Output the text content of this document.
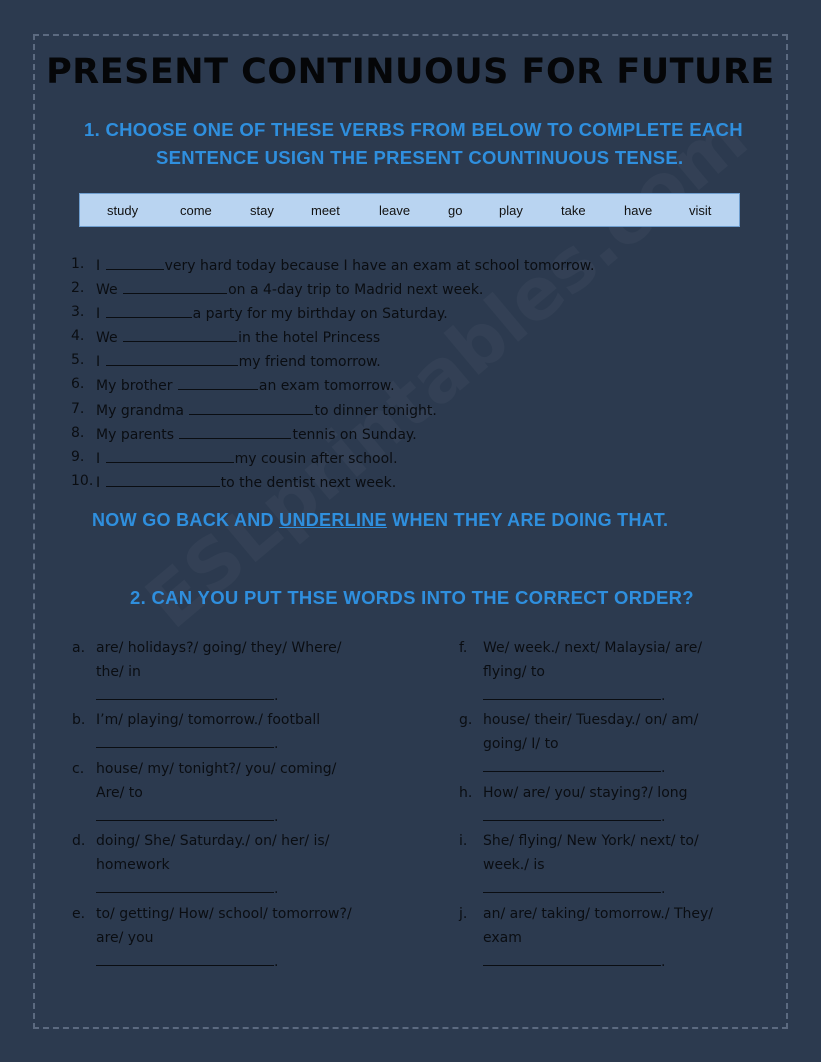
PRESENT CONTINUOUS FOR FUTURE
1. CHOOSE ONE OF THESE VERBS FROM BELOW TO COMPLETE EACH
SENTENCE USIGN THE PRESENT COUNTINUOUS TENSE.
study	come	stay	meet	leave	go	play	take	have	visit
1. I	very hard today because I have an exam at school tomorrow.
2. We	on a 4-day trip to Madrid next week.
3. I	a party for my birthday on Saturday.
4. We	in the hotel Princess
5. I	my friend tomorrow.
6. My brother	an exam tomorrow.
7. My grandma	to dinner tonight.
8. My parents	tennis on Sunday.
9. I	my cousin after school.
10. I	to the dentist next week.
NOW GO BACK AND UNDERLINE WHEN THEY ARE DOING THAT.
2. CAN YOU PUT THSE WORDS INTO THE CORRECT ORDER?
a. are/ holidays?/ going/ they/ Where/
the/ in
.
b. I’m/ playing/ tomorrow./ football
.
c. house/ my/ tonight?/ you/ coming/
Are/ to
.
d. doing/ She/ Saturday./ on/ her/ is/
homework
.
e. to/ getting/ How/ school/ tomorrow?/
are/ you
.
f. We/ week./ next/ Malaysia/ are/
flying/ to
.
g. house/ their/ Tuesday./ on/ am/
going/ I/ to
.
h. How/ are/ you/ staying?/ long
.
i. She/ flying/ New York/ next/ to/
week./ is
.
j. an/ are/ taking/ tomorrow./ They/
exam
.
